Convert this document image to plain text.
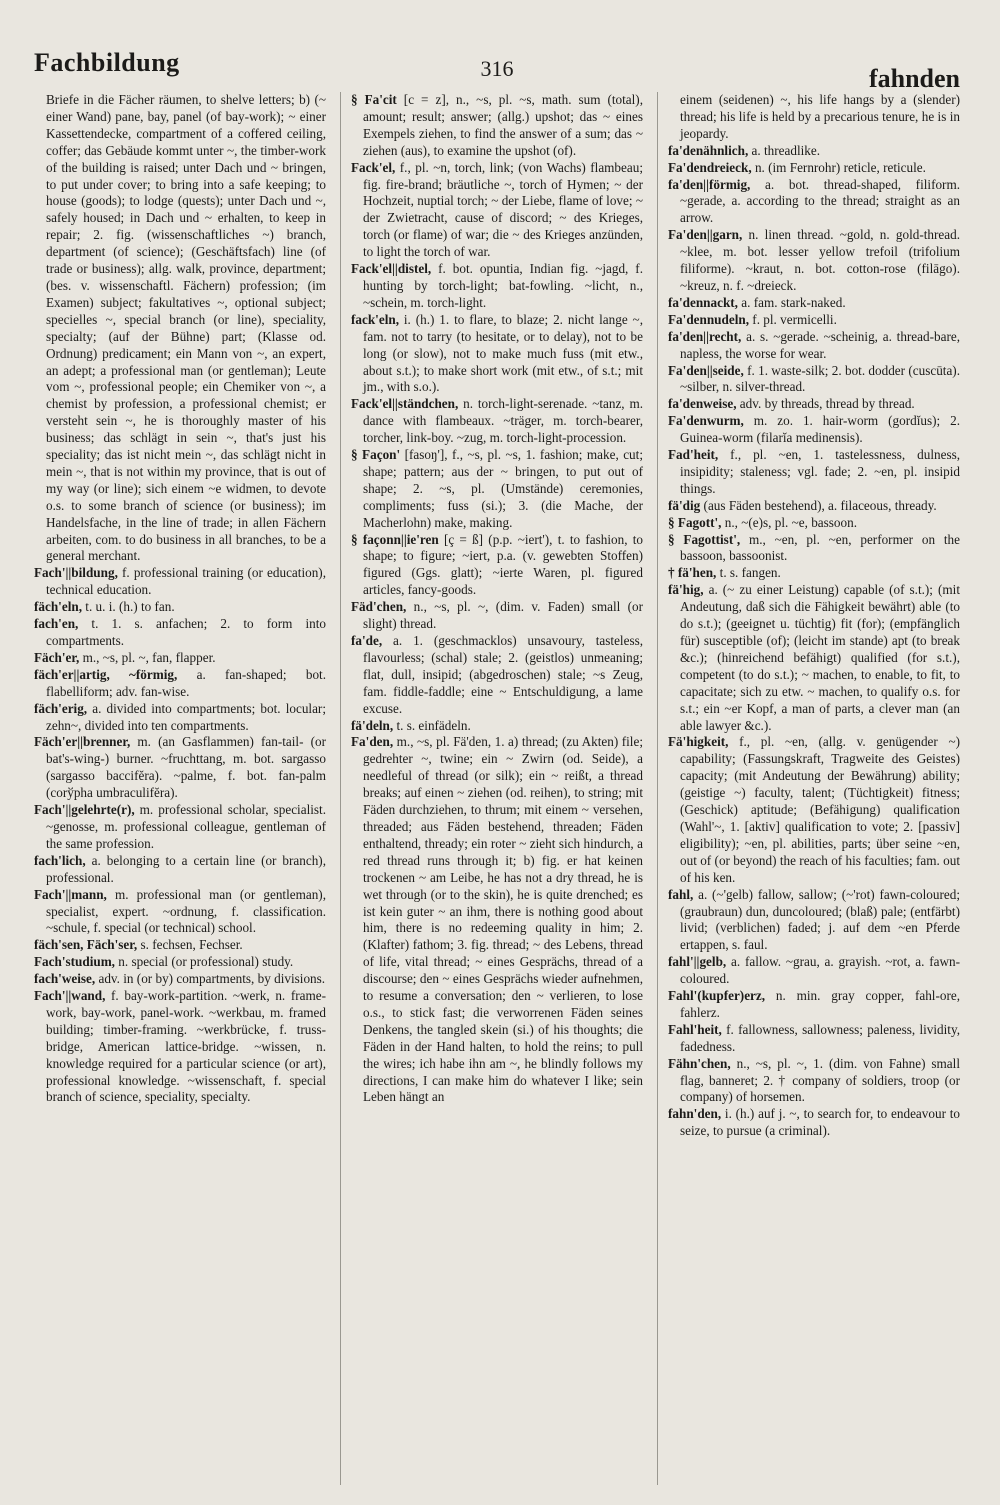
Fachbildung	316	fahnden

Briefe in die Fächer räumen, to shelve letters; b) (~ einer Wand) pane, bay, panel (of bay-work); ~ einer Kassettendecke, compartment of a coffered ceiling, coffer; das Gebäude kommt unter ~, the timber-work of the building is raised; unter Dach und ~ bringen, to put under cover; to bring into a safe keeping; to house (goods); to lodge (quests); unter Dach und ~, safely housed; in Dach und ~ erhalten, to keep in repair; 2. fig. (wissenschaftliches ~) branch, department (of science); (Geschäftsfach) line (of trade or business); allg. walk, province, department; (bes. v. wissenschaftl. Fächern) profession; (im Examen) subject; fakultatives ~, optional subject; specielles ~, special branch (or line), speciality, specialty; (auf der Bühne) part; (Klasse od. Ordnung) predicament; ein Mann von ~, an expert, an adept; a professional man (or gentleman); Leute vom ~, professional people; ein Chemiker von ~, a chemist by profession, a professional chemist; er versteht sein ~, he is thoroughly master of his business; das schlägt in sein ~, that's just his speciality; das ist nicht mein ~, das schlägt nicht in mein ~, that is not within my province, that is out of my way (or line); sich einem ~e widmen, to devote o.s. to some branch of science (or business); im Handelsfache, in the line of trade; in allen Fächern arbeiten, com. to do business in all branches, to be a general merchant.

Fach'||bildung, f. professional training (or education), technical education.

fäch'eln, t. u. i. (h.) to fan.

fach'en, t. 1. s. anfachen; 2. to form into compartments.

Fäch'er, m., ~s, pl. ~, fan, flapper.

fäch'er||artig, ~förmig, a. fan-shaped; bot. flabelliform; adv. fan-wise.

fäch'erig, a. divided into compartments; bot. locular; zehn~, divided into ten compartments.

Fäch'er||brenner, m. (an Gasflammen) fan-tail- (or bat's-wing-) burner. ~fruchttang, m. bot. sargasso (sargasso baccifĕra). ~palme, f. bot. fan-palm (corўpha umbraculifĕra).

Fach'||gelehrte(r), m. professional scholar, specialist. ~genosse, m. professional colleague, gentleman of the same profession.

fach'lich, a. belonging to a certain line (or branch), professional.

Fach'||mann, m. professional man (or gentleman), specialist, expert. ~ordnung, f. classification. ~schule, f. special (or technical) school.

fäch'sen, Fäch'ser, s. fechsen, Fechser.

Fach'studium, n. special (or professional) study.

fach'weise, adv. in (or by) compartments, by divisions.

Fach'||wand, f. bay-work-partition. ~werk, n. frame-work, bay-work, panel-work. ~werkbau, m. framed building; timber-framing. ~werkbrücke, f. truss-bridge, American lattice-bridge. ~wissen, n. knowledge required for a particular science (or art), professional knowledge. ~wissenschaft, f. special branch of science, speciality, specialty.

§ Fa'cit [c = z], n., ~s, pl. ~s, math. sum (total), amount; result; answer; (allg.) upshot; das ~ eines Exempels ziehen, to find the answer of a sum; das ~ ziehen (aus), to examine the upshot (of).

Fack'el, f., pl. ~n, torch, link; (von Wachs) flambeau; fig. fire-brand; bräutliche ~, torch of Hymen; ~ der Hochzeit, nuptial torch; ~ der Liebe, flame of love; ~ der Zwietracht, cause of discord; ~ des Krieges, torch (or flame) of war; die ~ des Krieges anzünden, to light the torch of war.

Fack'el||distel, f. bot. opuntia, Indian fig. ~jagd, f. hunting by torch-light; bat-fowling. ~licht, n., ~schein, m. torch-light.

fack'eln, i. (h.) 1. to flare, to blaze; 2. nicht lange ~, fam. not to tarry (to hesitate, or to delay), not to be long (or slow), not to make much fuss (mit etw., about s.t.); to make short work (mit etw., of s.t.; mit jm., with s.o.).

Fack'el||ständchen, n. torch-light-serenade. ~tanz, m. dance with flambeaux. ~träger, m. torch-bearer, torcher, link-boy. ~zug, m. torch-light-procession.

§ Façon' [fasoŋ'], f., ~s, pl. ~s, 1. fashion; make, cut; shape; pattern; aus der ~ bringen, to put out of shape; 2. ~s, pl. (Umstände) ceremonies, compliments; fuss (si.); 3. (die Mache, der Macherlohn) make, making.

§ façonn||ie'ren [ç = ß] (p.p. ~iert'), t. to fashion, to shape; to figure; ~iert, p.a. (v. gewebten Stoffen) figured (Ggs. glatt); ~ierte Waren, pl. figured articles, fancy-goods.

Fäd'chen, n., ~s, pl. ~, (dim. v. Faden) small (or slight) thread.

fa'de, a. 1. (geschmacklos) unsavoury, tasteless, flavourless; (schal) stale; 2. (geistlos) unmeaning; flat, dull, insipid; (abgedroschen) stale; ~s Zeug, fam. fiddle-faddle; eine ~ Entschuldigung, a lame excuse.

fä'deln, t. s. einfädeln.

Fa'den, m., ~s, pl. Fä'den, 1. a) thread; (zu Akten) file; gedrehter ~, twine; ein ~ Zwirn (od. Seide), a needleful of thread (or silk); ein ~ reißt, a thread breaks; auf einen ~ ziehen (od. reihen), to string; mit Fäden durchziehen, to thrum; mit einem ~ versehen, threaded; aus Fäden bestehend, threaden; Fäden enthaltend, thready; ein roter ~ zieht sich hindurch, a red thread runs through it; b) fig. er hat keinen trockenen ~ am Leibe, he has not a dry thread, he is wet through (or to the skin), he is quite drenched; es ist kein guter ~ an ihm, there is nothing good about him, there is no redeeming quality in him; 2. (Klafter) fathom; 3. fig. thread; ~ des Lebens, thread of life, vital thread; ~ eines Gesprächs, thread of a discourse; den ~ eines Gesprächs wieder aufnehmen, to resume a conversation; den ~ verlieren, to lose o.s., to stick fast; die verworrenen Fäden seines Denkens, the tangled skein (si.) of his thoughts; die Fäden in der Hand halten, to hold the reins; to pull the wires; ich habe ihn am ~, he blindly follows my directions, I can make him do whatever I like; sein Leben hängt an

einem (seidenen) ~, his life hangs by a (slender) thread; his life is held by a precarious tenure, he is in jeopardy.

fa'denähnlich, a. threadlike.

Fa'dendreieck, n. (im Fernrohr) reticle, reticule.

fa'den||förmig, a. bot. thread-shaped, filiform. ~gerade, a. according to the thread; straight as an arrow.

Fa'den||garn, n. linen thread. ~gold, n. gold-thread. ~klee, m. bot. lesser yellow trefoil (trifolium filiforme). ~kraut, n. bot. cotton-rose (filāgo). ~kreuz, n. f. ~dreieck.

fa'dennackt, a. fam. stark-naked.

Fa'dennudeln, f. pl. vermicelli.

fa'den||recht, a. s. ~gerade. ~scheinig, a. thread-bare, napless, the worse for wear.

Fa'den||seide, f. 1. waste-silk; 2. bot. dodder (cuscūta). ~silber, n. silver-thread.

fa'denweise, adv. by threads, thread by thread.

Fa'denwurm, m. zo. 1. hair-worm (gordĭus); 2. Guinea-worm (filarĭa medinensis).

Fad'heit, f., pl. ~en, 1. tastelessness, dulness, insipidity; staleness; vgl. fade; 2. ~en, pl. insipid things.

fä'dig (aus Fäden bestehend), a. filaceous, thready.

§ Fagott', n., ~(e)s, pl. ~e, bassoon.

§ Fagottist', m., ~en, pl. ~en, performer on the bassoon, bassoonist.

† fä'hen, t. s. fangen.

fä'hig, a. (~ zu einer Leistung) capable (of s.t.); (mit Andeutung, daß sich die Fähigkeit bewährt) able (to do s.t.); (geeignet u. tüchtig) fit (for); (empfänglich für) susceptible (of); (leicht im stande) apt (to break &c.); (hinreichend befähigt) qualified (for s.t.), competent (to do s.t.); ~ machen, to enable, to fit, to capacitate; sich zu etw. ~ machen, to qualify o.s. for s.t.; ein ~er Kopf, a man of parts, a clever man (an able lawyer &c.).

Fä'higkeit, f., pl. ~en, (allg. v. genügender ~) capability; (Fassungskraft, Tragweite des Geistes) capacity; (mit Andeutung der Bewährung) ability; (geistige ~) faculty, talent; (Tüchtigkeit) fitness; (Geschick) aptitude; (Befähigung) qualification (Wahl'~, 1. [aktiv] qualification to vote; 2. [passiv] eligibility); ~en, pl. abilities, parts; über seine ~en, out of (or beyond) the reach of his faculties; fam. out of his ken.

fahl, a. (~'gelb) fallow, sallow; (~'rot) fawn-coloured; (graubraun) dun, duncoloured; (blaß) pale; (entfärbt) livid; (verblichen) faded; j. auf dem ~en Pferde ertappen, s. faul.

fahl'||gelb, a. fallow. ~grau, a. grayish. ~rot, a. fawn-coloured.

Fahl'(kupfer)erz, n. min. gray copper, fahl-ore, fahlerz.

Fahl'heit, f. fallowness, sallowness; paleness, lividity, fadedness.

Fähn'chen, n., ~s, pl. ~, 1. (dim. von Fahne) small flag, banneret; 2. † company of soldiers, troop (or company) of horsemen.

fahn'den, i. (h.) auf j. ~, to search for, to endeavour to seize, to pursue (a criminal).
